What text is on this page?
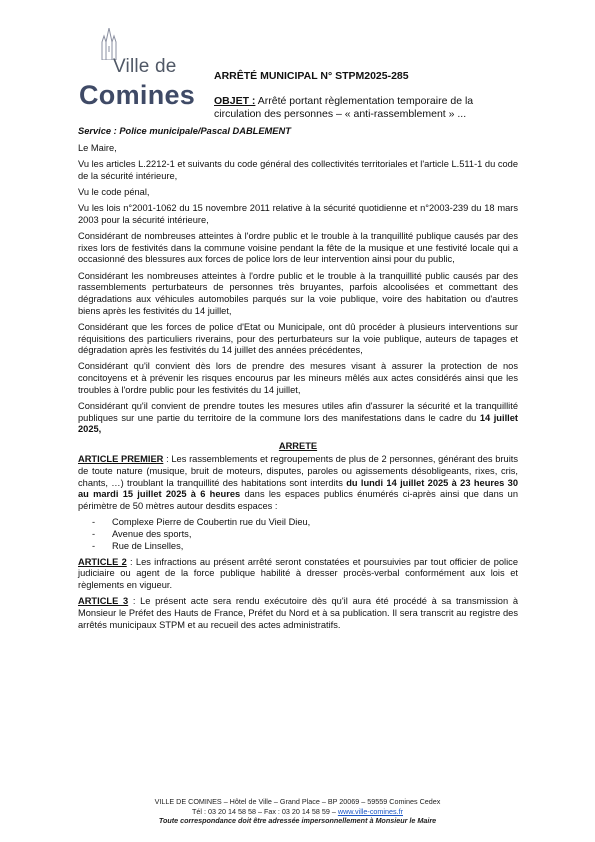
Ville de
Comines
ARRÊTÉ MUNICIPAL N° STPM2025-285
OBJET : Arrêté portant règlementation temporaire de la circulation des personnes – « anti-rassemblement » ...

Service : Police municipale/Pascal DABLEMENT

Le Maire,

Vu les articles L.2212-1 et suivants du code général des collectivités territoriales et l'article L.511-1 du code de la sécurité intérieure,

Vu le code pénal,

Vu les lois n°2001-1062 du 15 novembre 2011 relative à la sécurité quotidienne et n°2003-239 du 18 mars 2003 pour la sécurité intérieure,

Considérant de nombreuses atteintes à l'ordre public et le trouble à la tranquillité publique causés par des rixes lors de festivités dans la commune voisine pendant la fête de la musique et une festivité locale qui a occasionné des blessures aux forces de police lors de leur intervention ainsi pour du public,

Considérant les nombreuses atteintes à l'ordre public et le trouble à la tranquillité public causés par des rassemblements perturbateurs de personnes très bruyantes, parfois alcoolisées et commettant des dégradations aux véhicules automobiles parqués sur la voie publique, voire des habitation ou d'autres biens après les festivités du 14 juillet,

Considérant que les forces de police d'Etat ou Municipale, ont dû procéder à plusieurs interventions sur réquisitions des particuliers riverains, pour des perturbateurs sur la voie publique, auteurs de tapages et dégradation après les festivités du 14 juillet des années précédentes,

Considérant qu'il convient dès lors de prendre des mesures visant à assurer la protection de nos concitoyens et à prévenir les risques encourus par les mineurs mêlés aux actes considérés ainsi que les troubles à l'ordre public pour les festivités du 14 juillet,

Considérant qu'il convient de prendre toutes les mesures utiles afin d'assurer la sécurité et la tranquillité publiques sur une partie du territoire de la commune lors des manifestations dans le cadre du 14 juillet 2025,

ARRETE

ARTICLE PREMIER : Les rassemblements et regroupements de plus de 2 personnes, générant des bruits de toute nature (musique, bruit de moteurs, disputes, paroles ou agissements désobligeants, rixes, cris, chants, …) troublant la tranquillité des habitations sont interdits du lundi 14 juillet 2025 à 23 heures 30 au mardi 15 juillet 2025 à 6 heures dans les espaces publics énumérés ci-après ainsi que dans un périmètre de 50 mètres autour desdits espaces :

- Complexe Pierre de Coubertin rue du Vieil Dieu,
- Avenue des sports,
- Rue de Linselles,

ARTICLE 2 : Les infractions au présent arrêté seront constatées et poursuivies par tout officier de police judiciaire ou agent de la force publique habilité à dresser procès-verbal conformément aux lois et règlements en vigueur.

ARTICLE 3 : Le présent acte sera rendu exécutoire dès qu'il aura été procédé à sa transmission à Monsieur le Préfet des Hauts de France, Préfet du Nord et à sa publication. Il sera transcrit au registre des arrêtés municipaux STPM et au recueil des actes administratifs.

VILLE DE COMINES – Hôtel de Ville – Grand Place – BP 20069 – 59559 Comines Cedex
Tél : 03 20 14 58 58 – Fax : 03 20 14 58 59 – www.ville-comines.fr
Toute correspondance doit être adressée impersonnellement à Monsieur le Maire
